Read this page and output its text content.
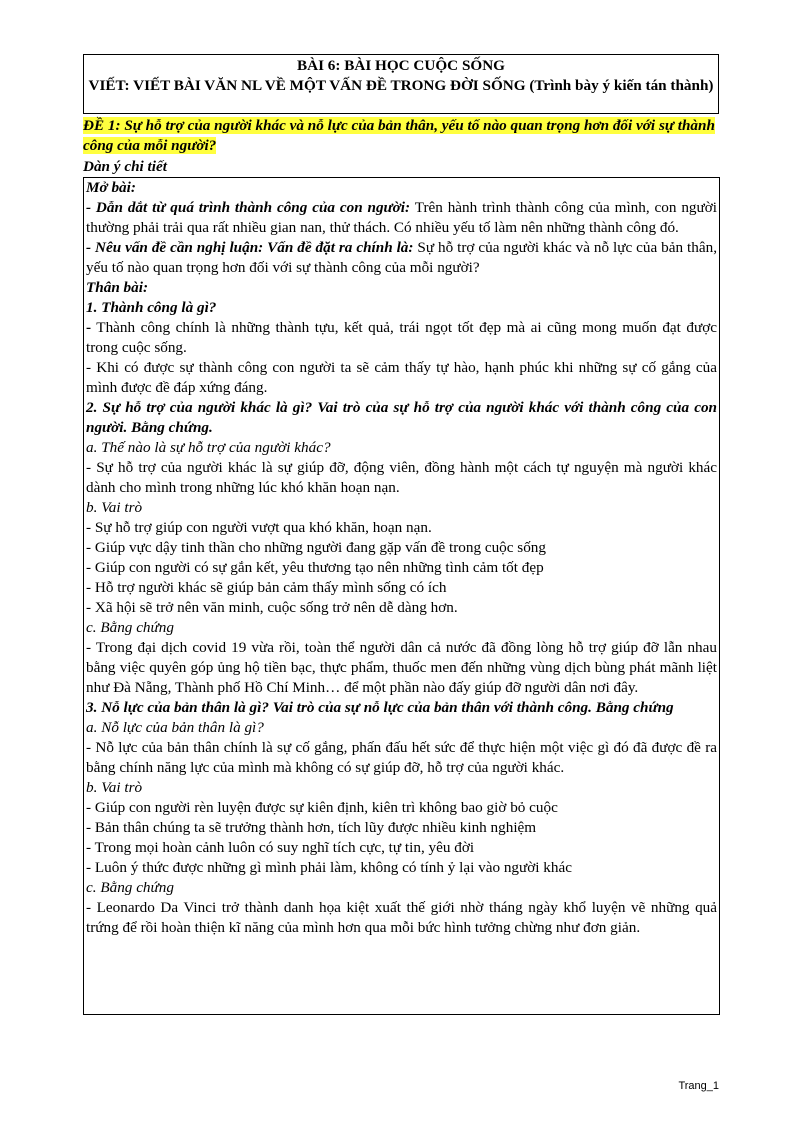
BÀI 6: BÀI HỌC CUỘC SỐNG
VIẾT: VIẾT BÀI VĂN NL VỀ MỘT VẤN ĐỀ TRONG ĐỜI SỐNG (Trình bày ý kiến tán thành)
ĐỀ 1: Sự hỗ trợ của người khác và nỗ lực của bản thân, yếu tố nào quan trọng hơn đối với sự thành công của mỗi người?
Dàn ý chi tiết

Mở bài:

- Dẫn dắt từ quá trình thành công của con người: Trên hành trình thành công của mình, con người thường phải trải qua rất nhiều gian nan, thử thách. Có nhiều yếu tố làm nên những thành công đó.

- Nêu vấn đề cần nghị luận: Vấn đề đặt ra chính là: Sự hỗ trợ của người khác và nỗ lực của bản thân, yếu tố nào quan trọng hơn đối với sự thành công của mỗi người?

Thân bài:

1. Thành công là gì?

- Thành công chính là những thành tựu, kết quả, trái ngọt tốt đẹp mà ai cũng mong muốn đạt được trong cuộc sống.

- Khi có được sự thành công con người ta sẽ cảm thấy tự hào, hạnh phúc khi những sự cố gắng của mình được đề đáp xứng đáng.

2. Sự hỗ trợ của người khác là gì? Vai trò của sự hỗ trợ của người khác với thành công của con người. Bằng chứng.

a. Thế nào là sự hỗ trợ của người khác?

- Sự hỗ trợ của người khác là sự giúp đỡ, động viên, đồng hành một cách tự nguyện mà người khác dành cho mình trong những lúc khó khăn hoạn nạn.

b. Vai trò

- Sự hỗ trợ giúp con người vượt qua khó khăn, hoạn nạn.

- Giúp vực dậy tinh thần cho những người đang gặp vấn đề trong cuộc sống

- Giúp con người có sự gắn kết, yêu thương tạo nên những tình cảm tốt đẹp

- Hỗ trợ người khác sẽ giúp bản cảm thấy mình sống có ích

- Xã hội sẽ trở nên văn minh, cuộc sống trở nên dễ dàng hơn.

c. Bằng chứng

- Trong đại dịch covid 19 vừa rồi, toàn thể người dân cả nước đã đồng lòng hỗ trợ giúp đỡ lẫn nhau bằng việc quyên góp ủng hộ tiền bạc, thực phẩm, thuốc men đến những vùng dịch bùng phát mãnh liệt như Đà Nẵng, Thành phố Hồ Chí Minh… để một phần nào đấy giúp đỡ người dân nơi đây.

3. Nỗ lực của bản thân là gì? Vai trò của sự nỗ lực của bản thân với thành công. Bằng chứng

a. Nỗ lực của bản thân là gì?

- Nỗ lực của bản thân chính là sự cố gắng, phấn đấu hết sức để thực hiện một việc gì đó đã được đề ra bằng chính năng lực của mình mà không có sự giúp đỡ, hỗ trợ của người khác.

b. Vai trò

- Giúp con người rèn luyện được sự kiên định, kiên trì không bao giờ bỏ cuộc

- Bản thân chúng ta sẽ trưởng thành hơn, tích lũy được nhiều kinh nghiệm

- Trong mọi hoàn cảnh luôn có suy nghĩ tích cực, tự tin, yêu đời

- Luôn ý thức được những gì mình phải làm, không có tính ỷ lại vào người khác

c. Bằng chứng

- Leonardo Da Vinci trở thành danh họa kiệt xuất thế giới nhờ tháng ngày khổ luyện vẽ những quả trứng để rồi hoàn thiện kĩ năng của mình hơn qua mỗi bức hình tưởng chừng như đơn giản.

Trang_1
